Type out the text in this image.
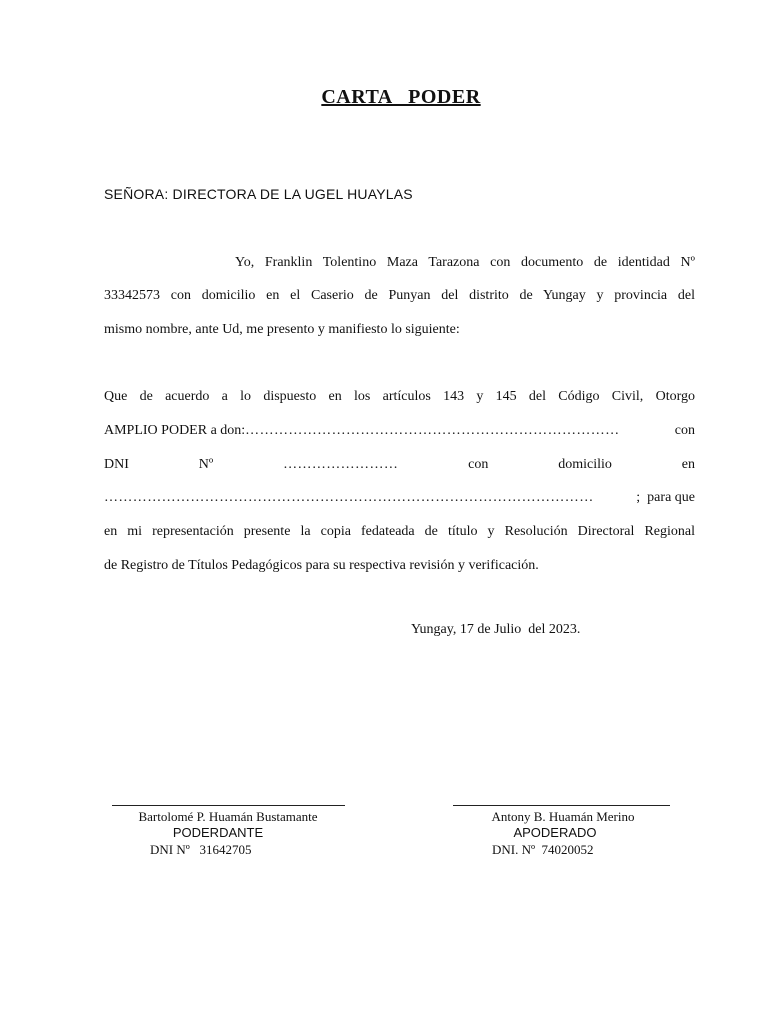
CARTA   PODER
SEÑORA: DIRECTORA DE LA UGEL HUAYLAS
Yo, Franklin Tolentino Maza Tarazona con documento de identidad Nº
33342573 con domicilio en el Caserio de Punyan del distrito de Yungay y provincia del
mismo nombre, ante Ud, me presento y manifiesto lo siguiente:
Que de acuerdo a lo dispuesto en los artículos 143 y 145 del Código Civil, Otorgo
AMPLIO PODER a don: ……………………………………………………………………	con
DNI	Nº	……………………	con	domicilio	en
…………………………………………………………………………………………	;  para que
en mi representación presente la copia fedateada de título y Resolución Directoral Regional
de Registro de Títulos Pedagógicos para su respectiva revisión y verificación.
Yungay, 17 de Julio  del 2023.
Bartolomé P. Huamán Bustamante
PODERDANTE
DNI Nº   31642705
Antony B. Huamán Merino
APODERADO
DNI. Nº  74020052
